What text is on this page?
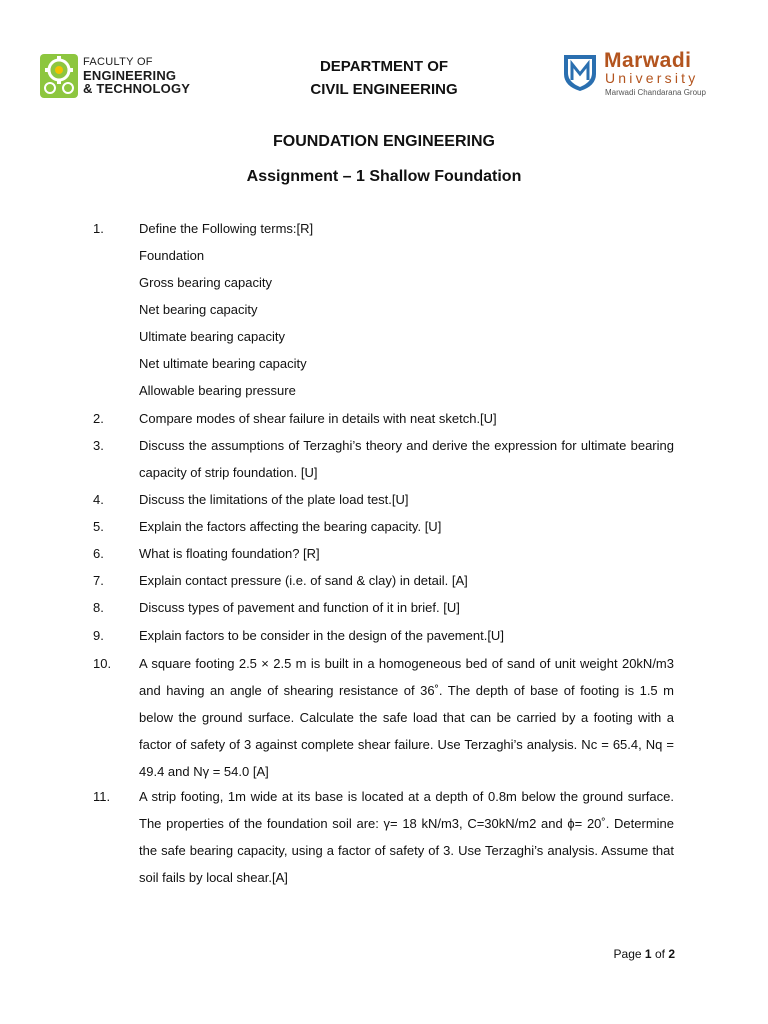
FACULTY OF
ENGINEERING
& TECHNOLOGY
DEPARTMENT OF
CIVIL ENGINEERING
Marwadi
University
Marwadi Chandarana Group
FOUNDATION ENGINEERING
Assignment – 1 Shallow Foundation
1.	Define the Following terms:[R]
Foundation
Gross bearing capacity
Net bearing capacity
Ultimate bearing capacity
Net ultimate bearing capacity
Allowable bearing pressure
2.	Compare modes of shear failure in details with neat sketch.[U]
3.	Discuss the assumptions of Terzaghi’s theory and derive the expression for ultimate bearing capacity of strip foundation. [U]
4.	Discuss the limitations of the plate load test.[U]
5.	Explain the factors affecting the bearing capacity. [U]
6.	What is floating foundation? [R]
7.	Explain contact pressure (i.e. of sand & clay) in detail. [A]
8.	Discuss types of pavement and function of it in brief. [U]
9.	Explain factors to be consider in the design of the pavement.[U]
10. A square footing 2.5 × 2.5 m is built in a homogeneous bed of sand of unit weight 20kN/m3 and having an angle of shearing resistance of 36˚. The depth of base of footing is 1.5 m below the ground surface. Calculate the safe load that can be carried by a footing with a factor of safety of 3 against complete shear failure. Use Terzaghi’s analysis. Nc = 65.4, Nq = 49.4 and Nγ = 54.0 [A]
11. A strip footing, 1m wide at its base is located at a depth of 0.8m below the ground surface. The properties of the foundation soil are: γ= 18 kN/m3, C=30kN/m2 and ϕ= 20˚. Determine the safe bearing capacity, using a factor of safety of 3. Use Terzaghi’s analysis. Assume that soil fails by local shear.[A]
Page 1 of 2
